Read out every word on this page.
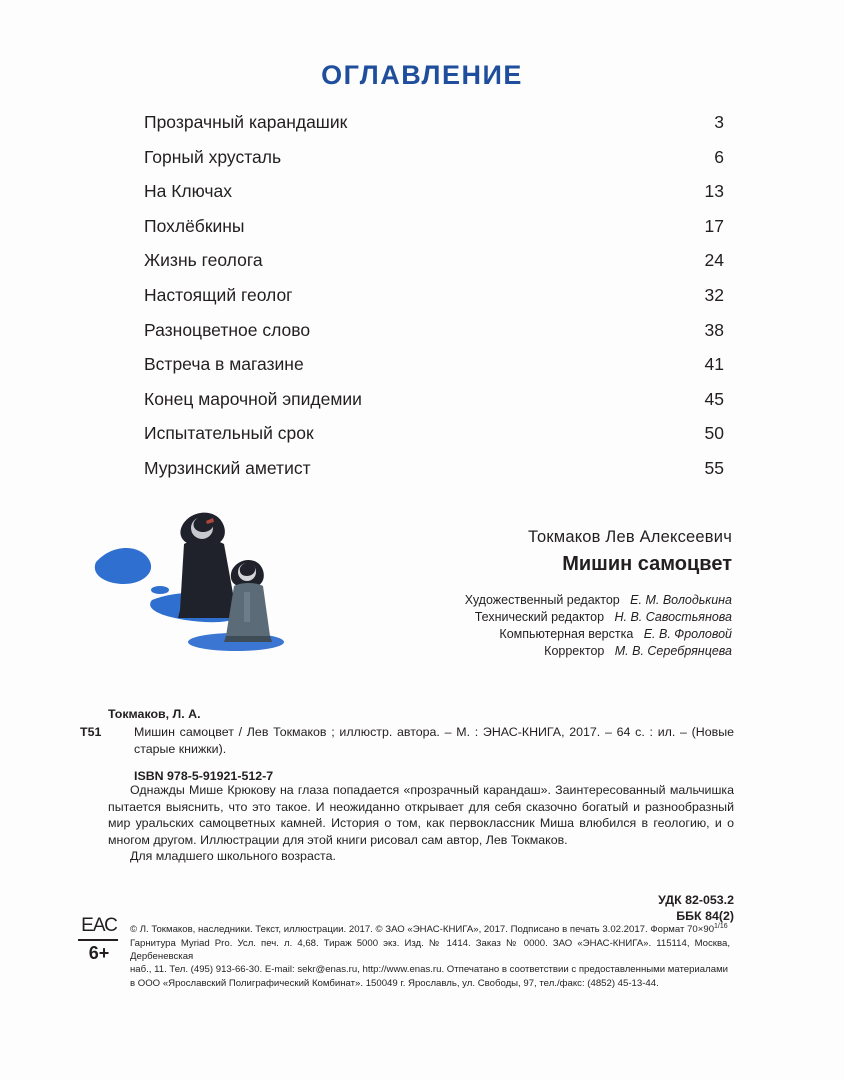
ОГЛАВЛЕНИЕ
Прозрачный карандашик	3
Горный хрусталь	6
На Ключах	13
Похлёбкины	17
Жизнь геолога	24
Настоящий геолог	32
Разноцветное слово	38
Встреча в магазине	41
Конец марочной эпидемии	45
Испытательный срок	50
Мурзинский аметист	55
Токмаков Лев Алексеевич
Мишин самоцвет
Художественный редактор Е. М. Володькина
Технический редактор Н. В. Савостьянова
Компьютерная верстка Е. В. Фроловой
Корректор М. В. Серебрянцева
Токмаков, Л. А.
Т51	Мишин самоцвет / Лев Токмаков ; иллюстр. автора. – М. : ЭНАС-КНИГА, 2017. – 64 с. : ил. – (Новые старые книжки).
ISBN 978-5-91921-512-7

Однажды Мише Крюкову на глаза попадается «прозрачный карандаш». Заинтересованный мальчишка пытается выяснить, что это такое. И неожиданно открывает для себя сказочно богатый и разнообразный мир уральских самоцветных камней. История о том, как первоклассник Миша влюбился в геологию, и о многом другом. Иллюстрации для этой книги рисовал сам автор, Лев Токмаков.

Для младшего школьного возраста.

УДК 82-053.2
ББК 84(2)
ЕАС
6+
© Л. Токмаков, наследники. Текст, иллюстрации. 2017. © ЗАО «ЭНАС-КНИГА», 2017. Подписано в печать 3.02.2017. Формат $70\times 90^{1/16}$
Гарнитура Myriad Pro. Усл. печ. л. 4,68. Тираж 5000 экз. Изд. № 1414. Заказ № 0000. ЗАО «ЭНАС-КНИГА». 115114, Москва, Дербеневская
наб., 11. Тел. (495) 913-66-30. E-mail: sekr@enas.ru, http://www.enas.ru. Отпечатано в соответствии с предоставленными материалами
в ООО «Ярославский Полиграфический Комбинат». 150049 г. Ярославль, ул. Свободы, 97, тел./факс: (4852) 45-13-44.
